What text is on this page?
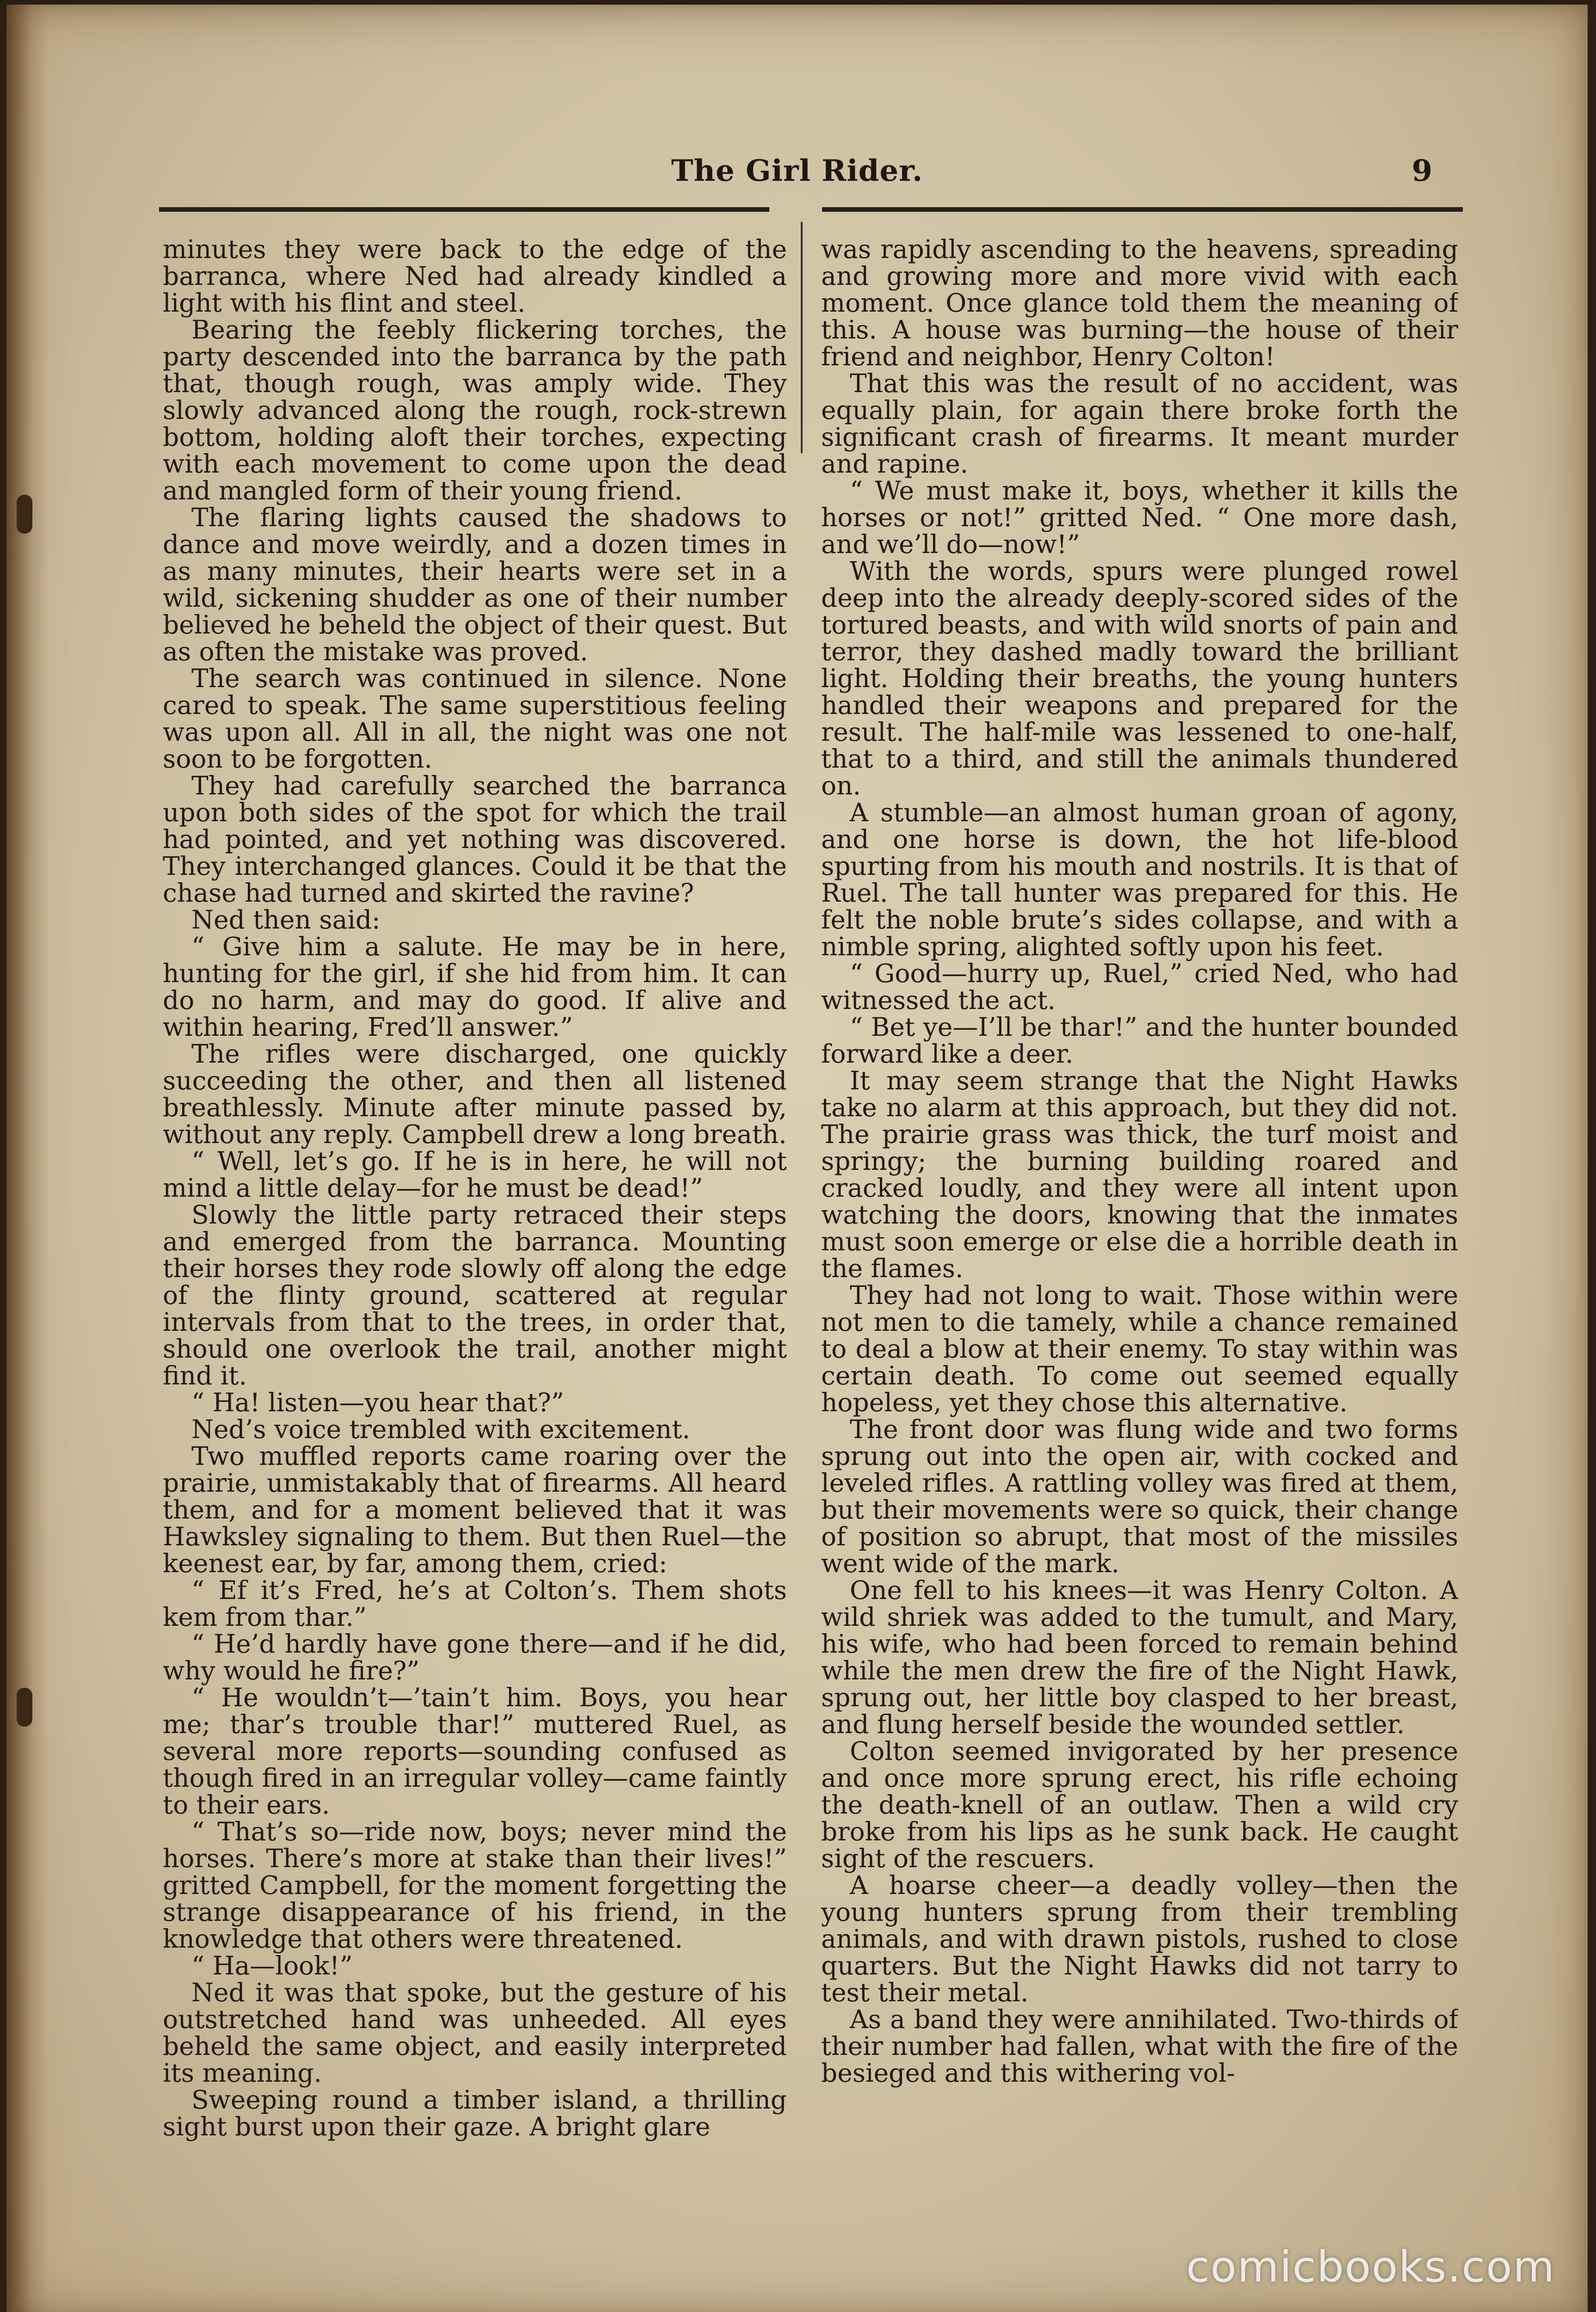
The Girl Rider.	9

minutes they were back to the edge of the barranca, where Ned had already kindled a light with his flint and steel.

Bearing the feebly flickering torches, the party descended into the barranca by the path that, though rough, was amply wide. They slowly advanced along the rough, rock-strewn bottom, holding aloft their torches, expecting with each movement to come upon the dead and mangled form of their young friend.

The flaring lights caused the shadows to dance and move weirdly, and a dozen times in as many minutes, their hearts were set in a wild, sickening shudder as one of their number believed he beheld the object of their quest. But as often the mistake was proved.

The search was continued in silence. None cared to speak. The same superstitious feeling was upon all. All in all, the night was one not soon to be forgotten.

They had carefully searched the barranca upon both sides of the spot for which the trail had pointed, and yet nothing was discovered. They interchanged glances. Could it be that the chase had turned and skirted the ravine?

Ned then said:

“ Give him a salute. He may be in here, hunting for the girl, if she hid from him. It can do no harm, and may do good. If alive and within hearing, Fred’ll answer.”

The rifles were discharged, one quickly succeeding the other, and then all listened breathlessly. Minute after minute passed by, without any reply. Campbell drew a long breath.

“ Well, let’s go. If he is in here, he will not mind a little delay—for he must be dead!”

Slowly the little party retraced their steps and emerged from the barranca. Mounting their horses they rode slowly off along the edge of the flinty ground, scattered at regular intervals from that to the trees, in order that, should one overlook the trail, another might find it.

“ Ha! listen—you hear that?”

Ned’s voice trembled with excitement.

Two muffled reports came roaring over the prairie, unmistakably that of firearms. All heard them, and for a moment believed that it was Hawksley signaling to them. But then Ruel—the keenest ear, by far, among them, cried:

“ Ef it’s Fred, he’s at Colton’s. Them shots kem from thar.”

“ He’d hardly have gone there—and if he did, why would he fire?”

“ He wouldn’t—’tain’t him. Boys, you hear me; thar’s trouble thar!” muttered Ruel, as several more reports—sounding confused as though fired in an irregular volley—came faintly to their ears.

“ That’s so—ride now, boys; never mind the horses. There’s more at stake than their lives!” gritted Campbell, for the moment forgetting the strange disappearance of his friend, in the knowledge that others were threatened.

“ Ha—look!”

Ned it was that spoke, but the gesture of his outstretched hand was unheeded. All eyes beheld the same object, and easily interpreted its meaning.

Sweeping round a timber island, a thrilling sight burst upon their gaze. A bright glare

was rapidly ascending to the heavens, spreading and growing more and more vivid with each moment. Once glance told them the meaning of this. A house was burning—the house of their friend and neighbor, Henry Colton!

That this was the result of no accident, was equally plain, for again there broke forth the significant crash of firearms. It meant murder and rapine.

“ We must make it, boys, whether it kills the horses or not!” gritted Ned. “ One more dash, and we’ll do—now!”

With the words, spurs were plunged rowel deep into the already deeply-scored sides of the tortured beasts, and with wild snorts of pain and terror, they dashed madly toward the brilliant light. Holding their breaths, the young hunters handled their weapons and prepared for the result. The half-mile was lessened to one-half, that to a third, and still the animals thundered on.

A stumble—an almost human groan of agony, and one horse is down, the hot life-blood spurting from his mouth and nostrils. It is that of Ruel. The tall hunter was prepared for this. He felt the noble brute’s sides collapse, and with a nimble spring, alighted softly upon his feet.

“ Good—hurry up, Ruel,” cried Ned, who had witnessed the act.

“ Bet ye—I’ll be thar!” and the hunter bounded forward like a deer.

It may seem strange that the Night Hawks take no alarm at this approach, but they did not. The prairie grass was thick, the turf moist and springy; the burning building roared and cracked loudly, and they were all intent upon watching the doors, knowing that the inmates must soon emerge or else die a horrible death in the flames.

They had not long to wait. Those within were not men to die tamely, while a chance remained to deal a blow at their enemy. To stay within was certain death. To come out seemed equally hopeless, yet they chose this alternative.

The front door was flung wide and two forms sprung out into the open air, with cocked and leveled rifles. A rattling volley was fired at them, but their movements were so quick, their change of position so abrupt, that most of the missiles went wide of the mark.

One fell to his knees—it was Henry Colton. A wild shriek was added to the tumult, and Mary, his wife, who had been forced to remain behind while the men drew the fire of the Night Hawk, sprung out, her little boy clasped to her breast, and flung herself beside the wounded settler.

Colton seemed invigorated by her presence and once more sprung erect, his rifle echoing the death-knell of an outlaw. Then a wild cry broke from his lips as he sunk back. He caught sight of the rescuers.

A hoarse cheer—a deadly volley—then the young hunters sprung from their trembling animals, and with drawn pistols, rushed to close quarters. But the Night Hawks did not tarry to test their metal.

As a band they were annihilated. Two-thirds of their number had fallen, what with the fire of the besieged and this withering vol-

comicbooks.com
